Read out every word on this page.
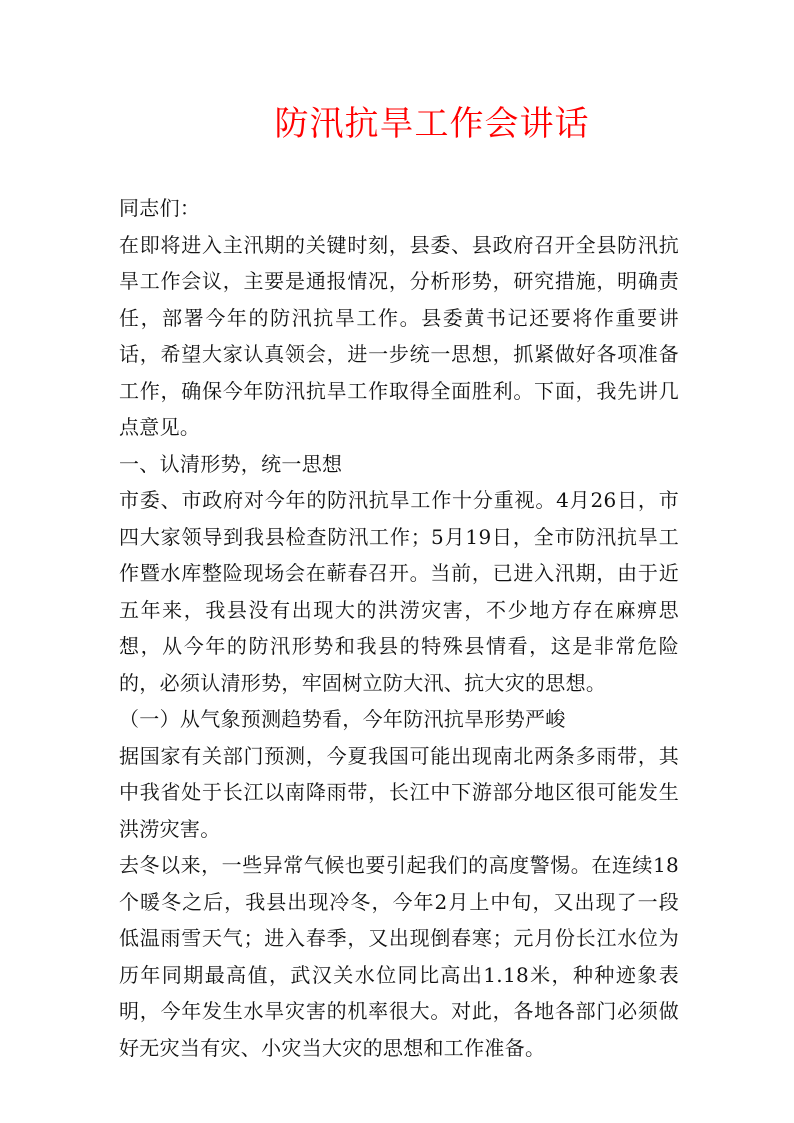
防汛抗旱工作会讲话

同志们：

在即将进入主汛期的关键时刻，县委、县政府召开全县防汛抗旱工作会议，主要是通报情况，分析形势，研究措施，明确责任，部署今年的防汛抗旱工作。县委黄书记还要将作重要讲话，希望大家认真领会，进一步统一思想，抓紧做好各项准备工作，确保今年防汛抗旱工作取得全面胜利。下面，我先讲几点意见。

一、认清形势，统一思想

市委、市政府对今年的防汛抗旱工作十分重视。4月26日，市四大家领导到我县检查防汛工作；5月19日，全市防汛抗旱工作暨水库整险现场会在蕲春召开。当前，已进入汛期，由于近五年来，我县没有出现大的洪涝灾害，不少地方存在麻痹思想，从今年的防汛形势和我县的特殊县情看，这是非常危险的，必须认清形势，牢固树立防大汛、抗大灾的思想。

（一）从气象预测趋势看，今年防汛抗旱形势严峻

据国家有关部门预测，今夏我国可能出现南北两条多雨带，其中我省处于长江以南降雨带，长江中下游部分地区很可能发生洪涝灾害。

去冬以来，一些异常气候也要引起我们的高度警惕。在连续18个暖冬之后，我县出现冷冬，今年2月上中旬，又出现了一段低温雨雪天气；进入春季，又出现倒春寒；元月份长江水位为历年同期最高值，武汉关水位同比高出1.18米，种种迹象表明，今年发生水旱灾害的机率很大。对此，各地各部门必须做好无灾当有灾、小灾当大灾的思想和工作准备。
